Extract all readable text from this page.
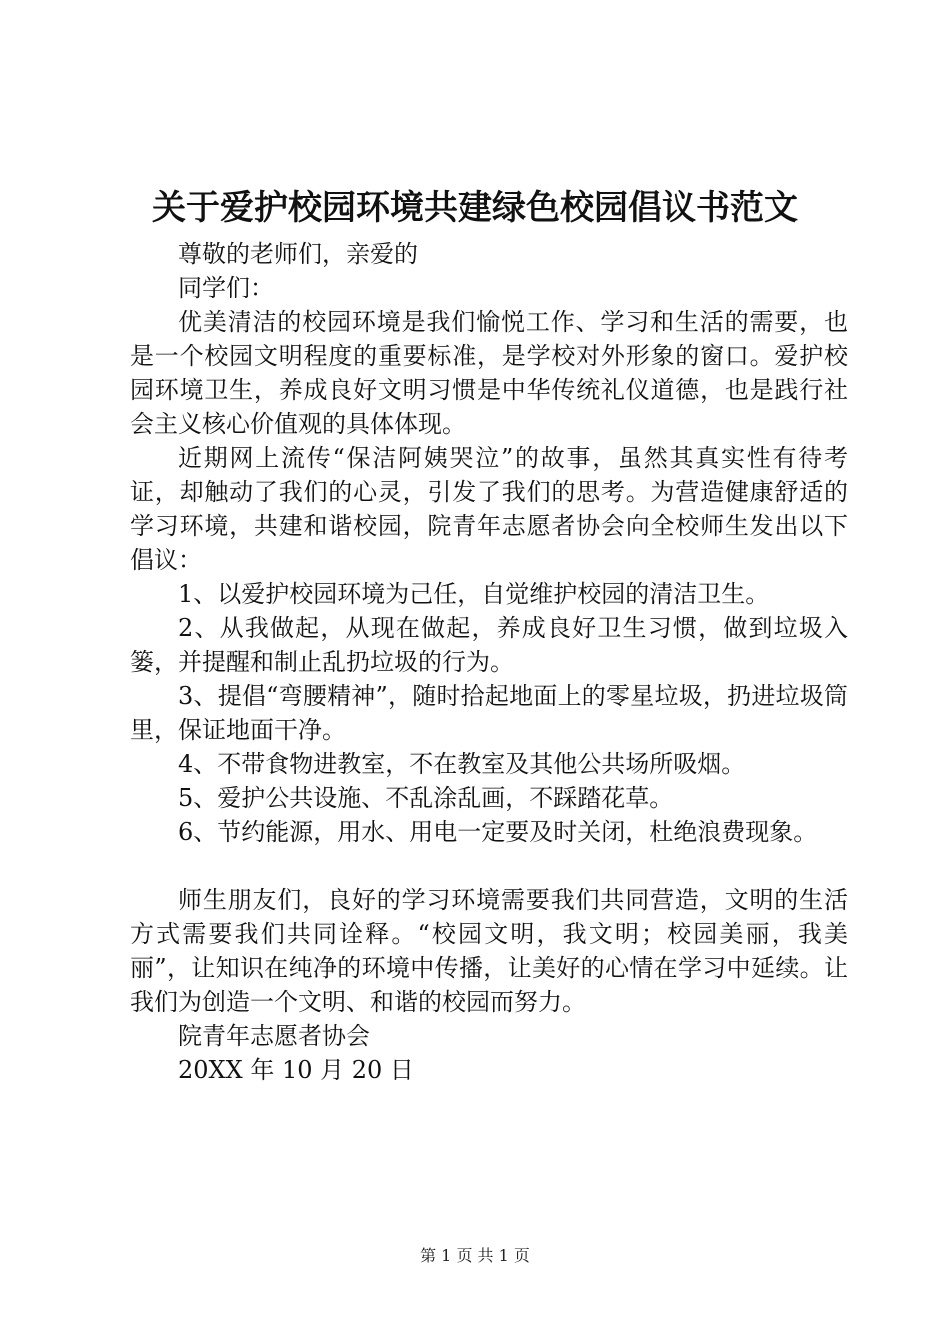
关于爱护校园环境共建绿色校园倡议书范文

尊敬的老师们，亲爱的

同学们：

优美清洁的校园环境是我们愉悦工作、学习和生活的需要，也是一个校园文明程度的重要标准，是学校对外形象的窗口。爱护校园环境卫生，养成良好文明习惯是中华传统礼仪道德，也是践行社会主义核心价值观的具体体现。

近期网上流传“保洁阿姨哭泣”的故事，虽然其真实性有待考证，却触动了我们的心灵，引发了我们的思考。为营造健康舒适的学习环境，共建和谐校园，院青年志愿者协会向全校师生发出以下倡议：

1、以爱护校园环境为己任，自觉维护校园的清洁卫生。

2、从我做起，从现在做起，养成良好卫生习惯，做到垃圾入篓，并提醒和制止乱扔垃圾的行为。

3、提倡“弯腰精神”，随时拾起地面上的零星垃圾，扔进垃圾筒里，保证地面干净。

4、不带食物进教室，不在教室及其他公共场所吸烟。

5、爱护公共设施、不乱涂乱画，不踩踏花草。

6、节约能源，用水、用电一定要及时关闭，杜绝浪费现象。

师生朋友们，良好的学习环境需要我们共同营造，文明的生活方式需要我们共同诠释。“校园文明，我文明；校园美丽，我美丽”，让知识在纯净的环境中传播，让美好的心情在学习中延续。让我们为创造一个文明、和谐的校园而努力。

院青年志愿者协会

20XX 年 10 月 20 日

第 1 页 共 1 页
